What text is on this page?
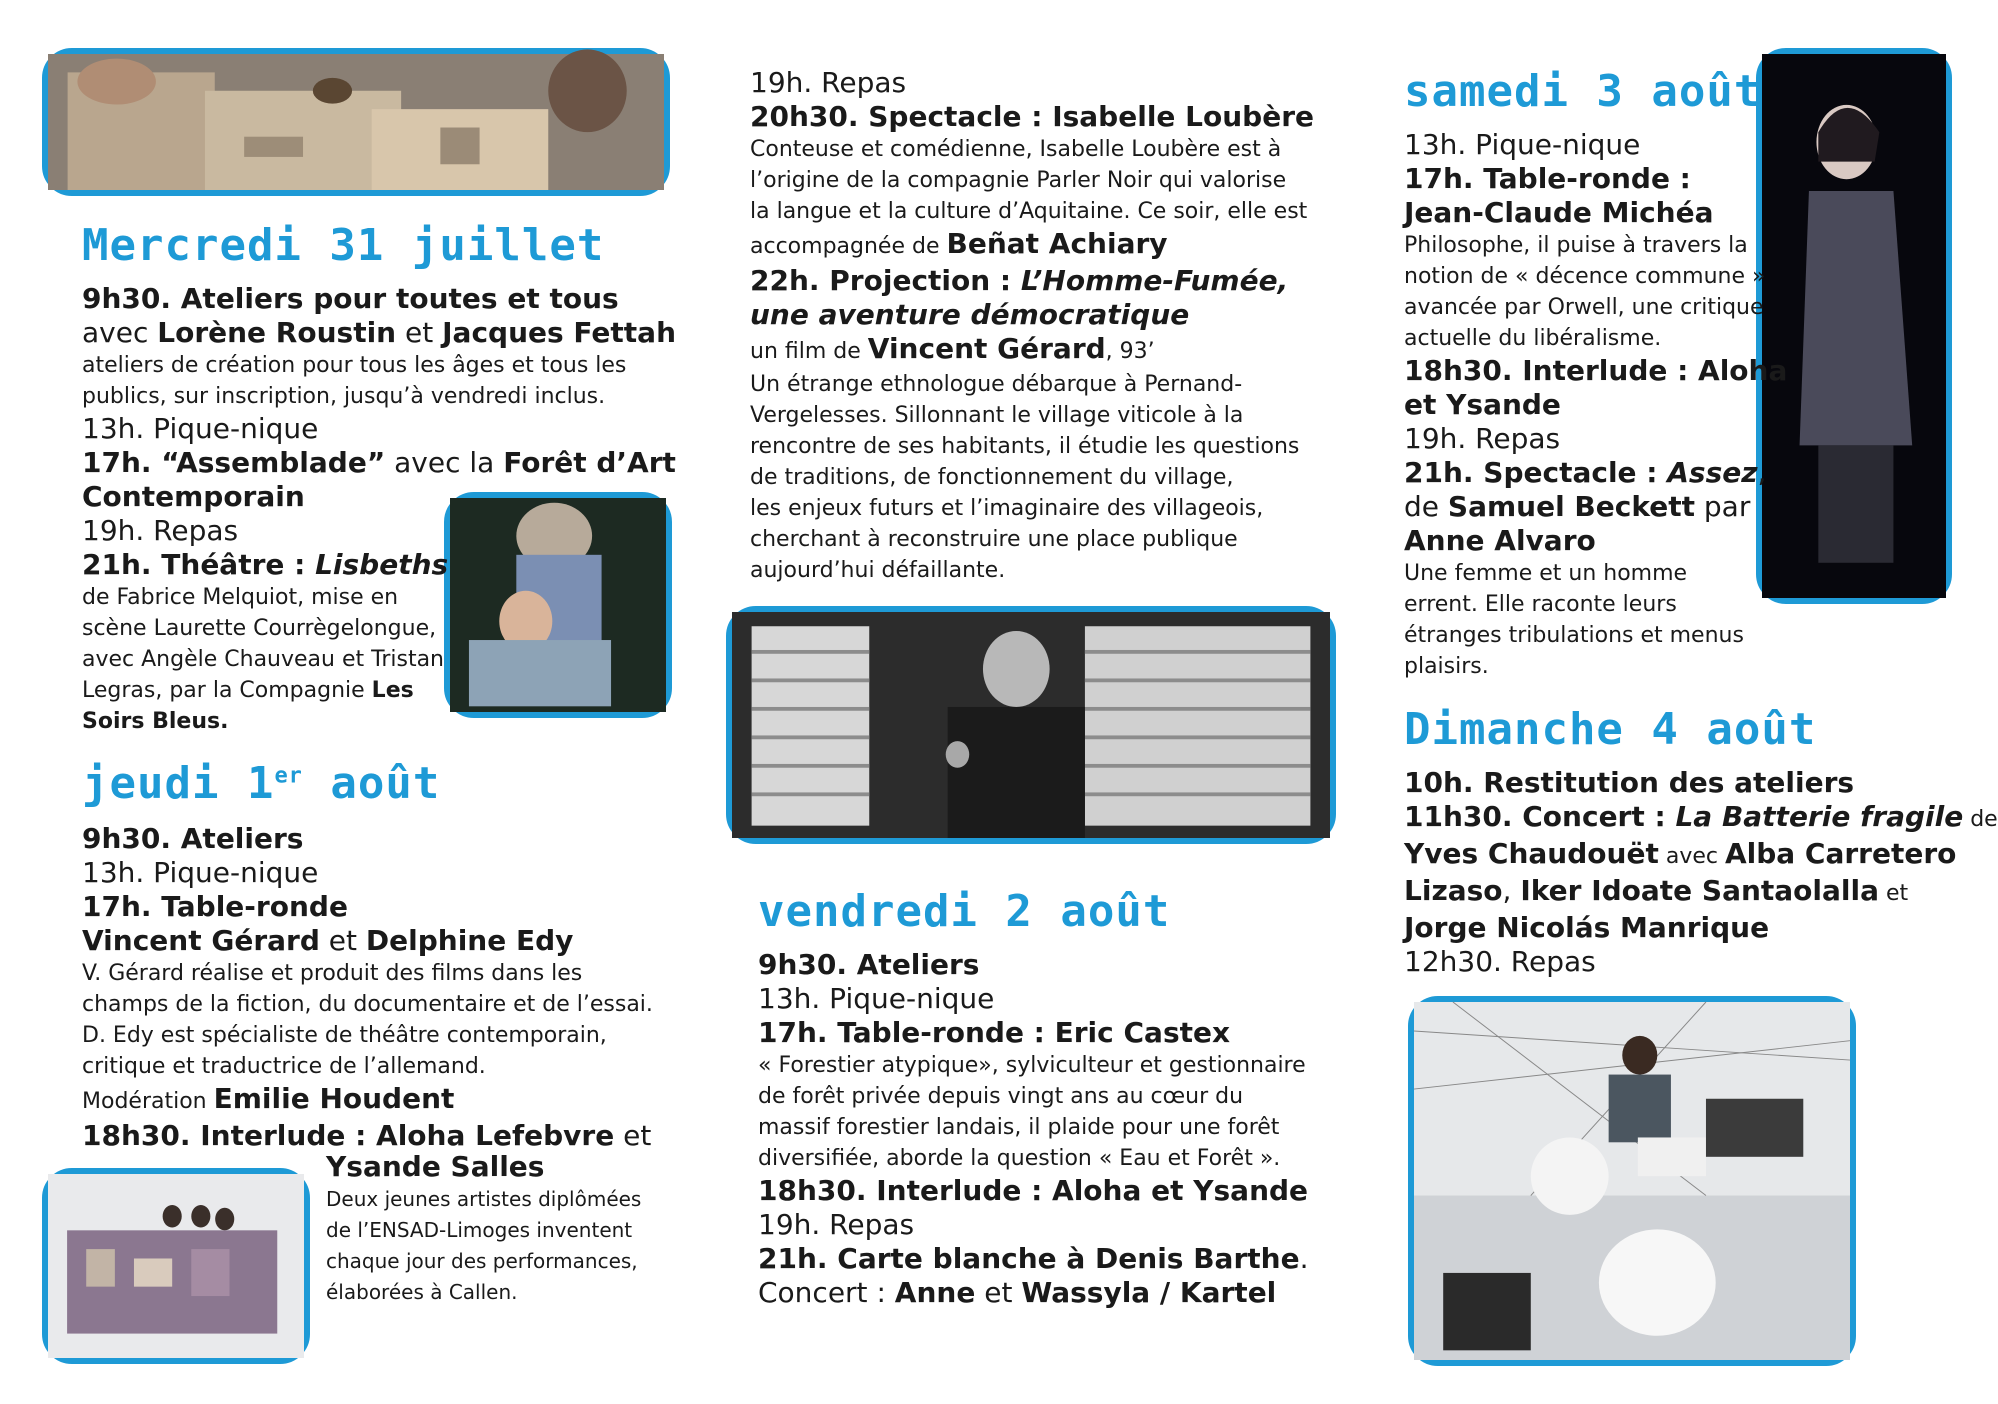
Mercredi 31 juillet

9h30. Ateliers pour toutes et tous

avec Lorène Roustin et Jacques Fettah

ateliers de création pour tous les âges et tous les

publics, sur inscription, jusqu’à vendredi inclus.

13h. Pique-nique

17h. “Assemblade” avec la Forêt d’Art

Contemporain

19h. Repas

21h. Théâtre : Lisbeths

de Fabrice Melquiot, mise en

scène Laurette Courrègelongue,

avec Angèle Chauveau et Tristan

Legras, par la Compagnie Les

Soirs Bleus.

jeudi 1er août

9h30. Ateliers

13h. Pique-nique

17h. Table-ronde

Vincent Gérard et Delphine Edy

V. Gérard réalise et produit des films dans les

champs de la fiction, du documentaire et de l’essai.

D. Edy est spécialiste de théâtre contemporain,

critique et traductrice de l’allemand.

Modération Emilie Houdent

18h30. Interlude : Aloha Lefebvre et

Ysande Salles

Deux jeunes artistes diplômées

de l’ENSAD-Limoges inventent

chaque jour des performances,

élaborées à Callen.

19h. Repas

20h30. Spectacle : Isabelle Loubère

Conteuse et comédienne, Isabelle Loubère est à

l’origine de la compagnie Parler Noir qui valorise

la langue et la culture d’Aquitaine. Ce soir, elle est

accompagnée de Beñat Achiary

22h. Projection : L’Homme-Fumée,

une aventure démocratique

un film de Vincent Gérard, 93’

Un étrange ethnologue débarque à Pernand-

Vergelesses. Sillonnant le village viticole à la

rencontre de ses habitants, il étudie les questions

de traditions, de fonctionnement du village,

les enjeux futurs et l’imaginaire des villageois,

cherchant à reconstruire une place publique

aujourd’hui défaillante.

vendredi 2 août

9h30. Ateliers

13h. Pique-nique

17h. Table-ronde : Eric Castex

« Forestier atypique», sylviculteur et gestionnaire

de forêt privée depuis vingt ans au cœur du

massif forestier landais, il plaide pour une forêt

diversifiée, aborde la question « Eau et Forêt ».

18h30. Interlude : Aloha et Ysande

19h. Repas

21h. Carte blanche à Denis Barthe.

Concert : Anne et Wassyla / Kartel

samedi 3 août

13h. Pique-nique

17h. Table-ronde :

Jean-Claude Michéa

Philosophe, il puise à travers la

notion de « décence commune »

avancée par Orwell, une critique

actuelle du libéralisme.

18h30. Interlude : Aloha

et Ysande

19h. Repas

21h. Spectacle : Assez,

de Samuel Beckett par

Anne Alvaro

Une femme et un homme

errent. Elle raconte leurs

étranges tribulations et menus

plaisirs.

Dimanche 4 août

10h. Restitution des ateliers

11h30. Concert : La Batterie fragile de

Yves Chaudouët avec Alba Carretero

Lizaso, Iker Idoate Santaolalla et

Jorge Nicolás Manrique

12h30. Repas
